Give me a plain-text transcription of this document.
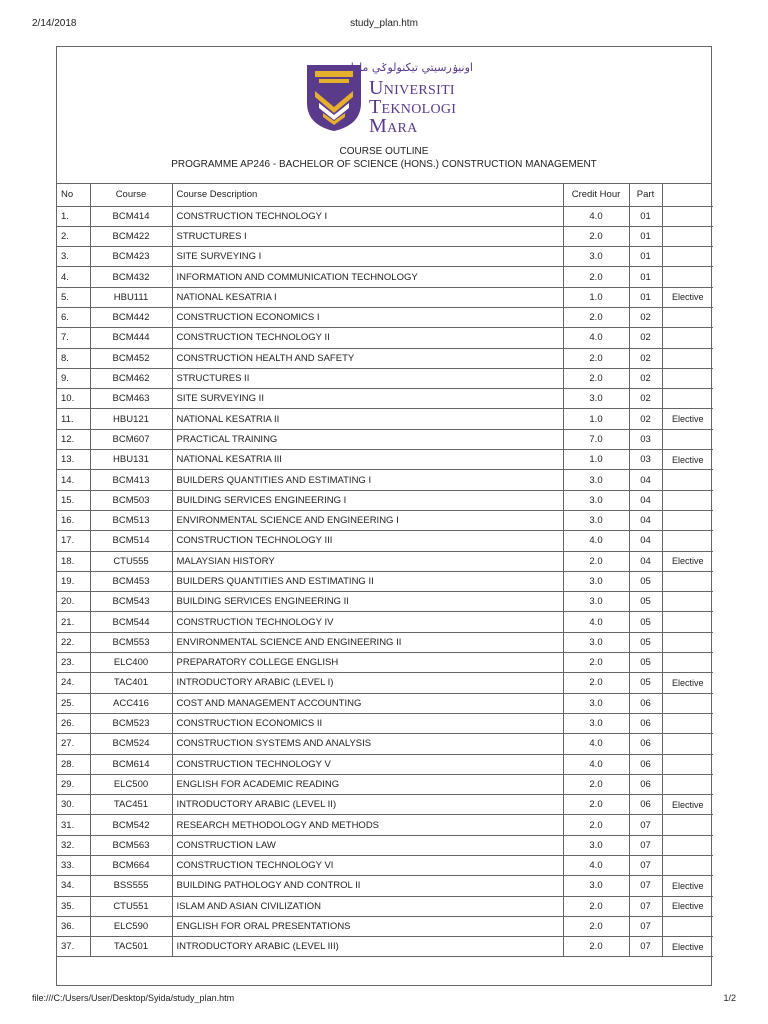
2/14/2018	study_plan.htm
اونيۏرسيتي تيكنولوݢي مارا
Universiti
Teknologi
Mara
COURSE OUTLINE
PROGRAMME AP246 - BACHELOR OF SCIENCE (HONS.) CONSTRUCTION MANAGEMENT
No	Course	Course Description	Credit Hour	Part	
1.	BCM414	CONSTRUCTION TECHNOLOGY I	4.0	01	
2.	BCM422	STRUCTURES I	2.0	01	
3.	BCM423	SITE SURVEYING I	3.0	01	
4.	BCM432	INFORMATION AND COMMUNICATION TECHNOLOGY	2.0	01	
5.	HBU111	NATIONAL KESATRIA I	1.0	01	Elective
6.	BCM442	CONSTRUCTION ECONOMICS I	2.0	02	
7.	BCM444	CONSTRUCTION TECHNOLOGY II	4.0	02	
8.	BCM452	CONSTRUCTION HEALTH AND SAFETY	2.0	02	
9.	BCM462	STRUCTURES II	2.0	02	
10.	BCM463	SITE SURVEYING II	3.0	02	
11.	HBU121	NATIONAL KESATRIA II	1.0	02	Elective
12.	BCM607	PRACTICAL TRAINING	7.0	03	
13.	HBU131	NATIONAL KESATRIA III	1.0	03	Elective
14.	BCM413	BUILDERS QUANTITIES AND ESTIMATING I	3.0	04	
15.	BCM503	BUILDING SERVICES ENGINEERING I	3.0	04	
16.	BCM513	ENVIRONMENTAL SCIENCE AND ENGINEERING I	3.0	04	
17.	BCM514	CONSTRUCTION TECHNOLOGY III	4.0	04	
18.	CTU555	MALAYSIAN HISTORY	2.0	04	Elective
19.	BCM453	BUILDERS QUANTITIES AND ESTIMATING II	3.0	05	
20.	BCM543	BUILDING SERVICES ENGINEERING II	3.0	05	
21.	BCM544	CONSTRUCTION TECHNOLOGY IV	4.0	05	
22.	BCM553	ENVIRONMENTAL SCIENCE AND ENGINEERING II	3.0	05	
23.	ELC400	PREPARATORY COLLEGE ENGLISH	2.0	05	
24.	TAC401	INTRODUCTORY ARABIC (LEVEL I)	2.0	05	Elective
25.	ACC416	COST AND MANAGEMENT ACCOUNTING	3.0	06	
26.	BCM523	CONSTRUCTION ECONOMICS II	3.0	06	
27.	BCM524	CONSTRUCTION SYSTEMS AND ANALYSIS	4.0	06	
28.	BCM614	CONSTRUCTION TECHNOLOGY V	4.0	06	
29.	ELC500	ENGLISH FOR ACADEMIC READING	2.0	06	
30.	TAC451	INTRODUCTORY ARABIC (LEVEL II)	2.0	06	Elective
31.	BCM542	RESEARCH METHODOLOGY AND METHODS	2.0	07	
32.	BCM563	CONSTRUCTION LAW	3.0	07	
33.	BCM664	CONSTRUCTION TECHNOLOGY VI	4.0	07	
34.	BSS555	BUILDING PATHOLOGY AND CONTROL II	3.0	07	Elective
35.	CTU551	ISLAM AND ASIAN CIVILIZATION	2.0	07	Elective
36.	ELC590	ENGLISH FOR ORAL PRESENTATIONS	2.0	07	
37.	TAC501	INTRODUCTORY ARABIC (LEVEL III)	2.0	07	Elective
file:///C:/Users/User/Desktop/Syida/study_plan.htm	1/2
